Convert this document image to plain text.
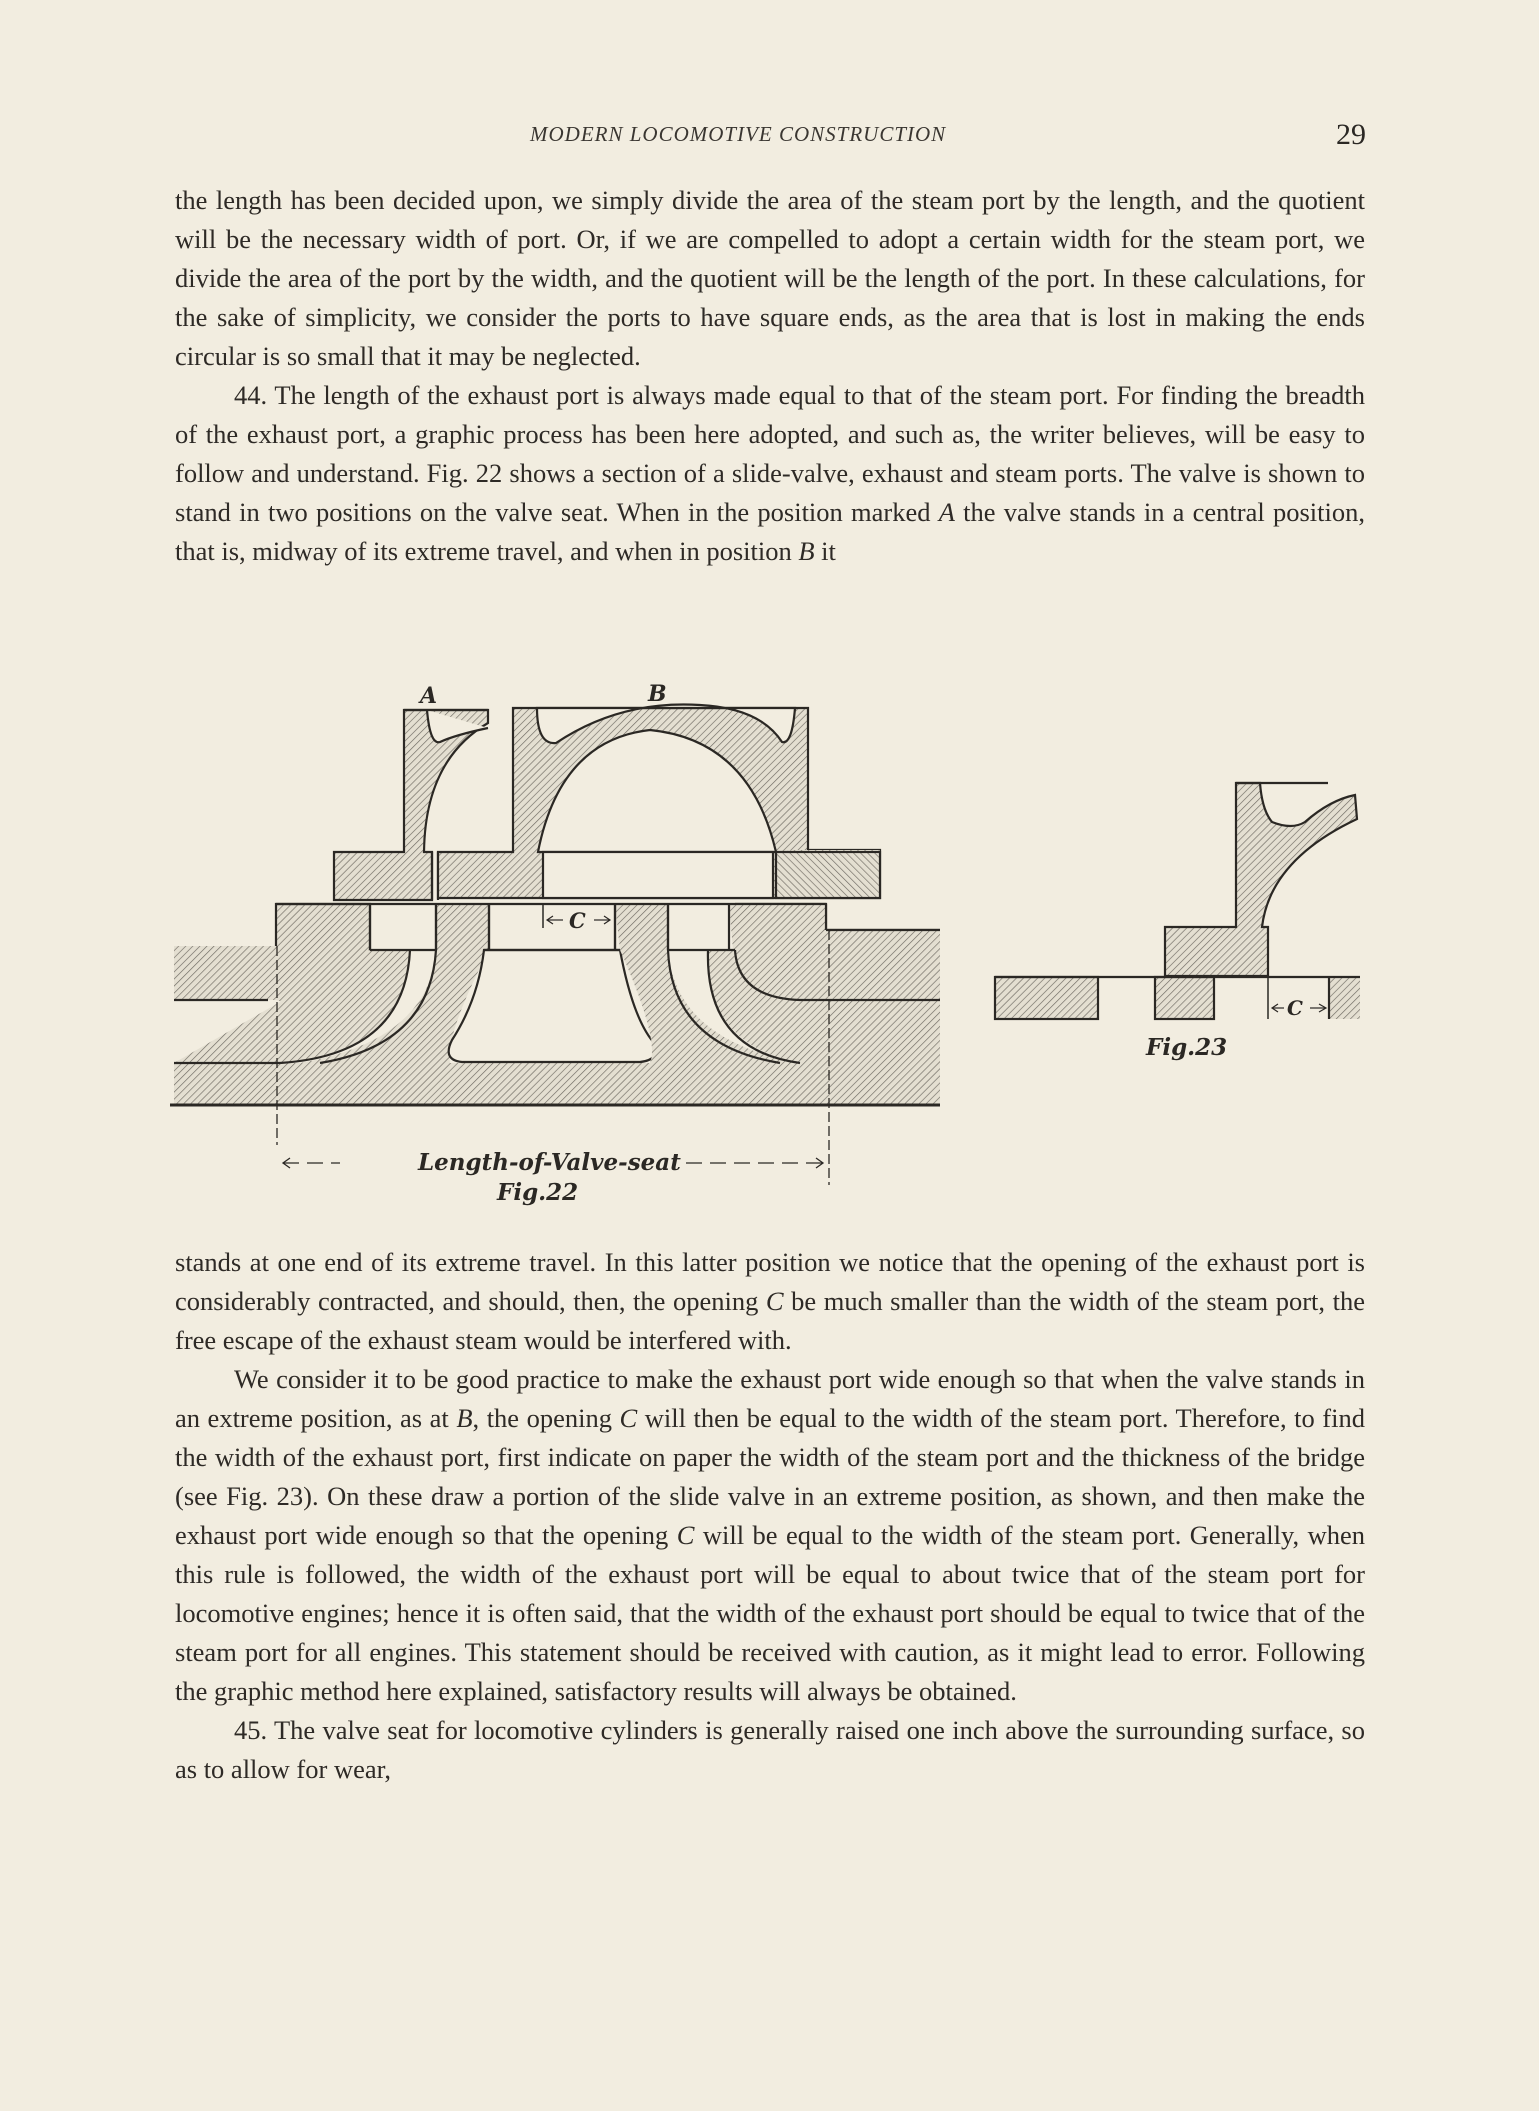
MODERN LOCOMOTIVE CONSTRUCTION	29

the length has been decided upon, we simply divide the area of the steam port by the length, and the quotient will be the necessary width of port. Or, if we are compelled to adopt a certain width for the steam port, we divide the area of the port by the width, and the quotient will be the length of the port. In these calculations, for the sake of simplicity, we consider the ports to have square ends, as the area that is lost in making the ends circular is so small that it may be neglected.

44. The length of the exhaust port is always made equal to that of the steam port. For finding the breadth of the exhaust port, a graphic process has been here adopted, and such as, the writer believes, will be easy to follow and understand. Fig. 22 shows a section of a slide-valve, exhaust and steam ports. The valve is shown to stand in two positions on the valve seat. When in the position marked A the valve stands in a central position, that is, midway of its extreme travel, and when in position B it

A	B
C
Length-of-Valve-seat
Fig.22
C
Fig.23

stands at one end of its extreme travel. In this latter position we notice that the opening of the exhaust port is considerably contracted, and should, then, the opening C be much smaller than the width of the steam port, the free escape of the exhaust steam would be interfered with.

We consider it to be good practice to make the exhaust port wide enough so that when the valve stands in an extreme position, as at B, the opening C will then be equal to the width of the steam port. Therefore, to find the width of the exhaust port, first indicate on paper the width of the steam port and the thickness of the bridge (see Fig. 23). On these draw a portion of the slide valve in an extreme position, as shown, and then make the exhaust port wide enough so that the opening C will be equal to the width of the steam port. Generally, when this rule is followed, the width of the exhaust port will be equal to about twice that of the steam port for locomotive engines; hence it is often said, that the width of the exhaust port should be equal to twice that of the steam port for all engines. This statement should be received with caution, as it might lead to error. Following the graphic method here explained, satisfactory results will always be obtained.

45. The valve seat for locomotive cylinders is generally raised one inch above the surrounding surface, so as to allow for wear,
